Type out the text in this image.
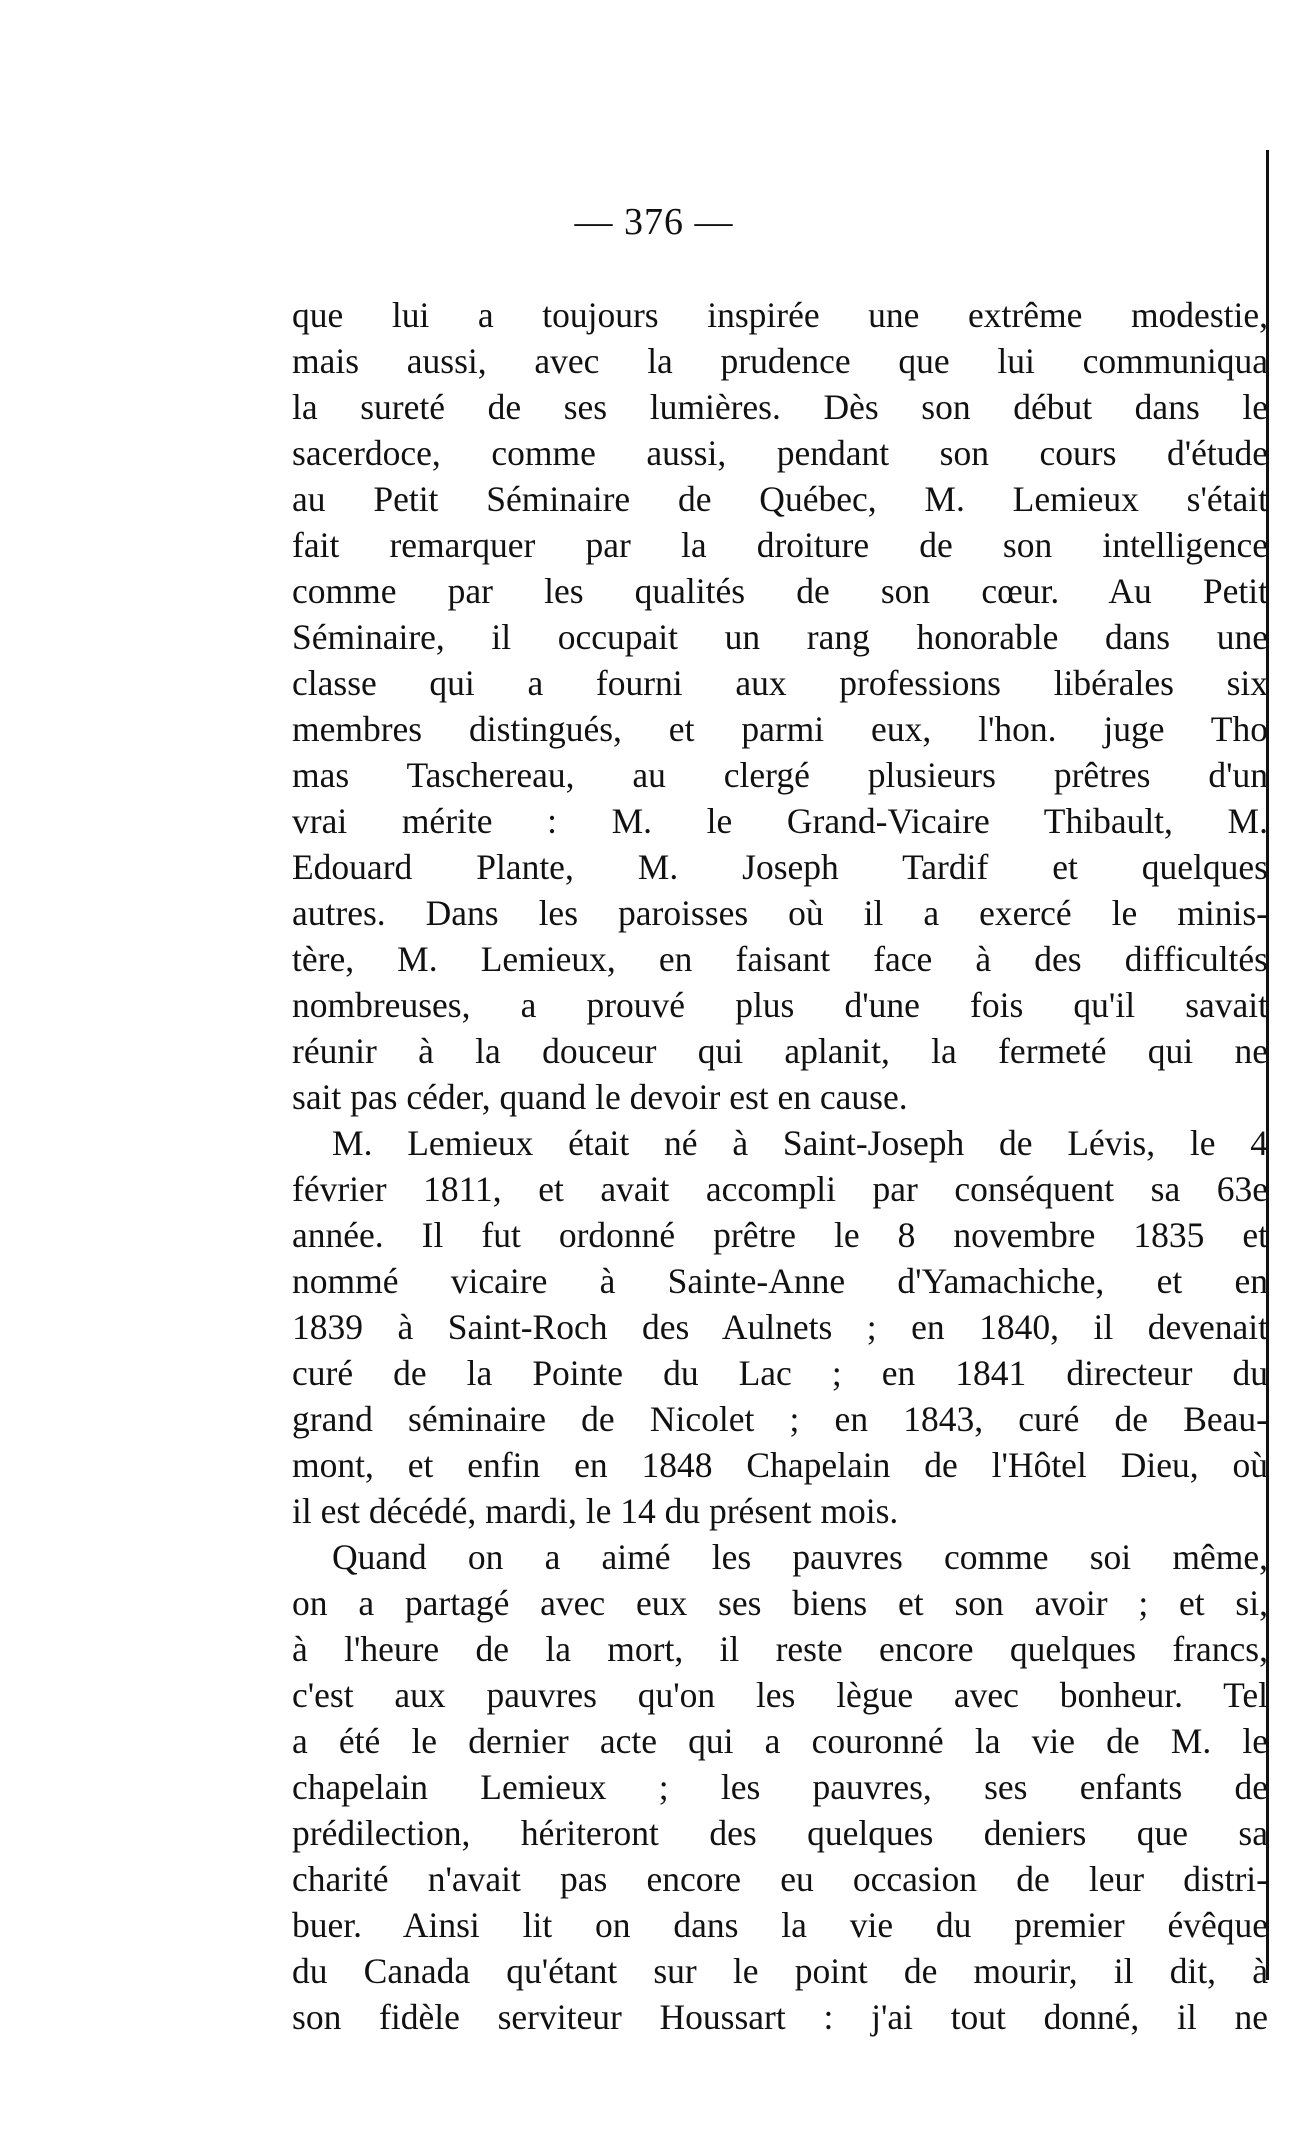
— 376 —
que lui a toujours inspirée une extrême modestie,
mais aussi, avec la prudence que lui communiqua
la sureté de ses lumières. Dès son début dans le
sacerdoce, comme aussi, pendant son cours d'étude
au Petit Séminaire de Québec, M. Lemieux s'était
fait remarquer par la droiture de son intelligence
comme par les qualités de son cœur. Au Petit
Séminaire, il occupait un rang honorable dans une
classe qui a fourni aux professions libérales six
membres distingués, et parmi eux, l'hon. juge Tho
mas Taschereau, au clergé plusieurs prêtres d'un
vrai mérite : M. le Grand-Vicaire Thibault, M.
Edouard Plante, M. Joseph Tardif et quelques
autres. Dans les paroisses où il a exercé le minis-
tère, M. Lemieux, en faisant face à des difficultés
nombreuses, a prouvé plus d'une fois qu'il savait
réunir à la douceur qui aplanit, la fermeté qui ne
sait pas céder, quand le devoir est en cause.
M. Lemieux était né à Saint-Joseph de Lévis, le 4
février 1811, et avait accompli par conséquent sa 63e
année. Il fut ordonné prêtre le 8 novembre 1835 et
nommé vicaire à Sainte-Anne d'Yamachiche, et en
1839 à Saint-Roch des Aulnets ; en 1840, il devenait
curé de la Pointe du Lac ; en 1841 directeur du
grand séminaire de Nicolet ; en 1843, curé de Beau-
mont, et enfin en 1848 Chapelain de l'Hôtel Dieu, où
il est décédé, mardi, le 14 du présent mois.
Quand on a aimé les pauvres comme soi même,
on a partagé avec eux ses biens et son avoir ; et si,
à l'heure de la mort, il reste encore quelques francs,
c'est aux pauvres qu'on les lègue avec bonheur. Tel
a été le dernier acte qui a couronné la vie de M. le
chapelain Lemieux ; les pauvres, ses enfants de
prédilection, hériteront des quelques deniers que sa
charité n'avait pas encore eu occasion de leur distri-
buer. Ainsi lit on dans la vie du premier évêque
du Canada qu'étant sur le point de mourir, il dit, à
son fidèle serviteur Houssart : j'ai tout donné, il ne
